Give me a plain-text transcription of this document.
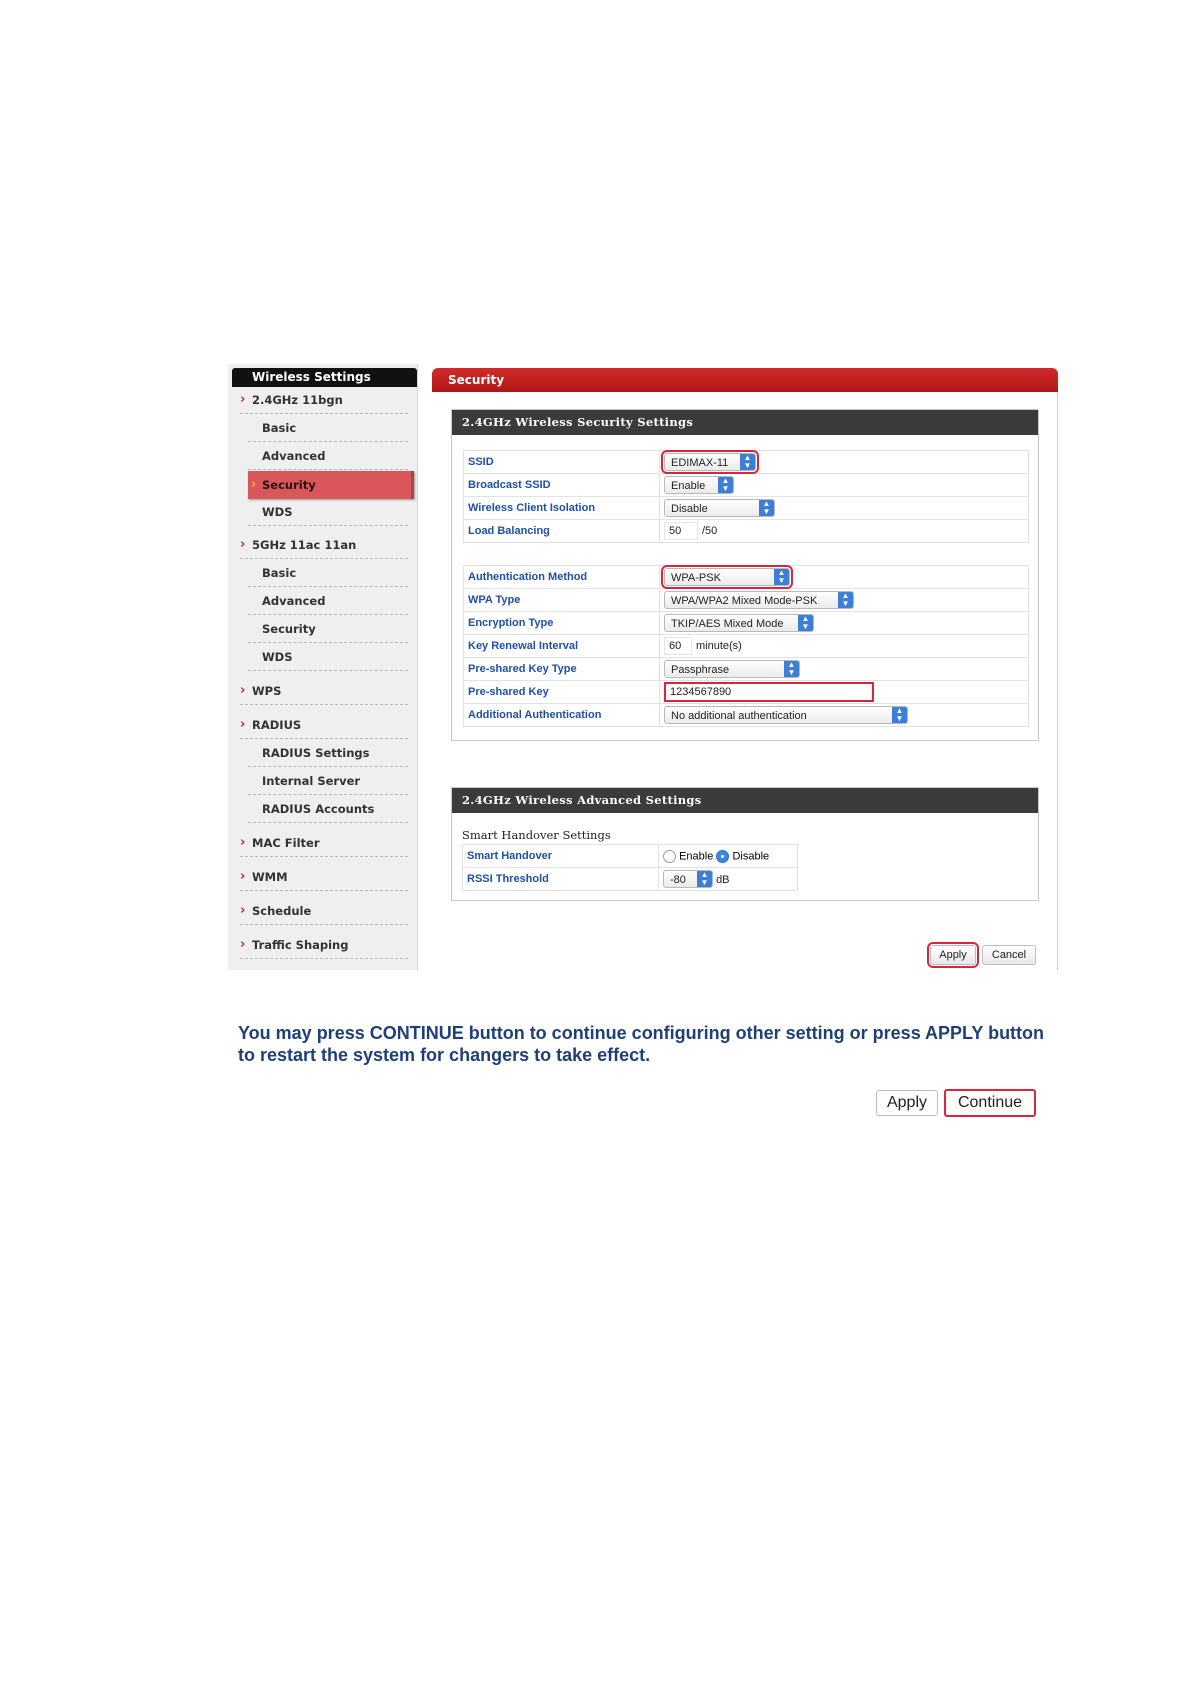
Wireless Settings
› 2.4GHz 11bgn
Basic
Advanced
› Security
WDS
› 5GHz 11ac 11an
Basic
Advanced
Security
WDS
› WPS
› RADIUS
RADIUS Settings
Internal Server
RADIUS Accounts
› MAC Filter
› WMM
› Schedule
› Traffic Shaping
Security
2.4GHz Wireless Security Settings
SSID	EDIMAX-11 ▲
▼

Broadcast SSID	Enable ▲
▼

Wireless Client Isolation	Disable ▲
▼

Load Balancing	50 /50
Authentication Method	WPA-PSK ▲
▼

WPA Type	WPA/WPA2 Mixed Mode-PSK ▲
▼

Encryption Type	TKIP/AES Mixed Mode ▲
▼

Key Renewal Interval	60 minute(s)
Pre-shared Key Type	Passphrase ▲
▼

Pre-shared Key	1234567890
Additional Authentication	No additional authentication ▲
▼
2.4GHz Wireless Advanced Settings
Smart Handover Settings
Smart Handover	Enable Disable
RSSI Threshold	-80 ▲
▼ dB
Apply	Cancel
You may press CONTINUE button to continue configuring other setting or press APPLY button to restart the system for changers to take effect.
Apply	Continue
